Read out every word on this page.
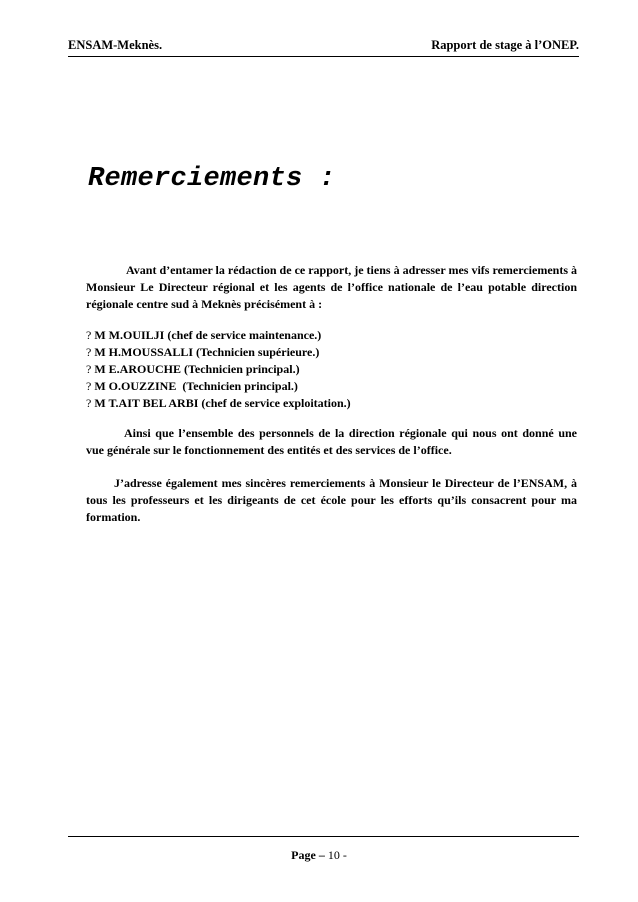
ENSAM-Meknès.	Rapport de stage à l’ONEP.
Remerciements :

Avant d’entamer la rédaction de ce rapport, je tiens à adresser mes vifs remerciements à Monsieur Le Directeur régional et les agents de l’office nationale de l’eau potable direction régionale centre sud à Meknès précisément à :

? M M.OUILJI (chef de service maintenance.)
? M H.MOUSSALLI (Technicien supérieure.)
? M E.AROUCHE (Technicien principal.)
? M O.OUZZINE  (Technicien principal.)
? M T.AIT BEL ARBI (chef de service exploitation.)

Ainsi que l’ensemble des personnels de la direction régionale qui nous ont donné une vue générale sur le fonctionnement des entités et des services de l’office.

J’adresse également mes sincères remerciements à Monsieur le Directeur de l’ENSAM, à tous les professeurs et les dirigeants de cet école pour les efforts qu’ils consacrent pour ma formation.

Page – 10 -
